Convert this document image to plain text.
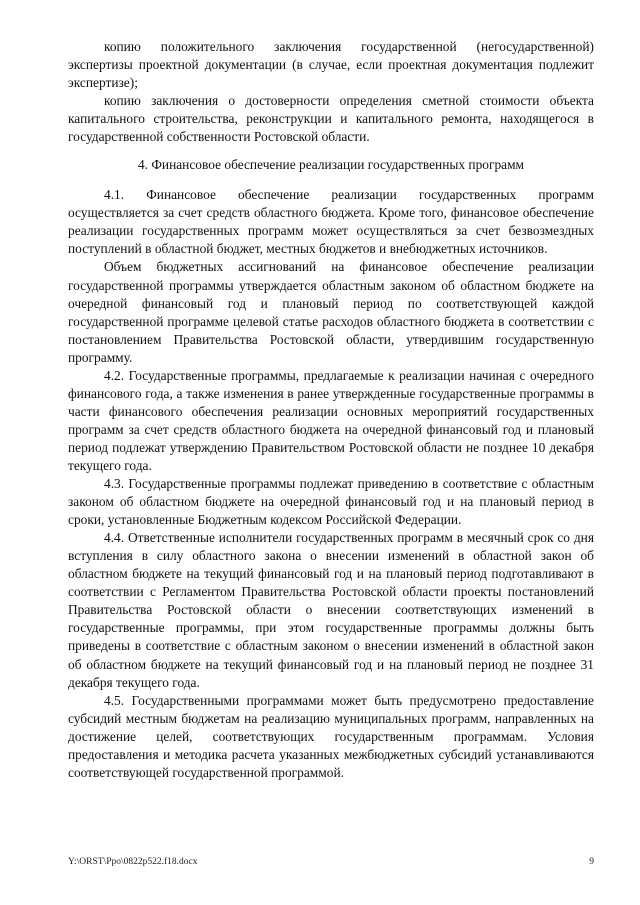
копию положительного заключения государственной (негосударственной) экспертизы проектной документации (в случае, если проектная документация подлежит экспертизе);

копию заключения о достоверности определения сметной стоимости объекта капитального строительства, реконструкции и капитального ремонта, находящегося в государственной собственности Ростовской области.

4. Финансовое обеспечение реализации государственных программ

4.1. Финансовое обеспечение реализации государственных программ осуществляется за счет средств областного бюджета. Кроме того, финансовое обеспечение реализации государственных программ может осуществляться за счет безвозмездных поступлений в областной бюджет, местных бюджетов и внебюджетных источников.

Объем бюджетных ассигнований на финансовое обеспечение реализации государственной программы утверждается областным законом об областном бюджете на очередной финансовый год и плановый период по соответствующей каждой государственной программе целевой статье расходов областного бюджета в соответствии с постановлением Правительства Ростовской области, утвердившим государственную программу.

4.2. Государственные программы, предлагаемые к реализации начиная с очередного финансового года, а также изменения в ранее утвержденные государственные программы в части финансового обеспечения реализации основных мероприятий государственных программ за счет средств областного бюджета на очередной финансовый год и плановый период подлежат утверждению Правительством Ростовской области не позднее 10 декабря текущего года.

4.3. Государственные программы подлежат приведению в соответствие с областным законом об областном бюджете на очередной финансовый год и на плановый период в сроки, установленные Бюджетным кодексом Российской Федерации.

4.4. Ответственные исполнители государственных программ в месячный срок со дня вступления в силу областного закона о внесении изменений в областной закон об областном бюджете на текущий финансовый год и на плановый период подготавливают в соответствии с Регламентом Правительства Ростовской области проекты постановлений Правительства Ростовской области о внесении соответствующих изменений в государственные программы, при этом государственные программы должны быть приведены в соответствие с областным законом о внесении изменений в областной закон об областном бюджете на текущий финансовый год и на плановый период не позднее 31 декабря текущего года.

4.5. Государственными программами может быть предусмотрено предоставление субсидий местным бюджетам на реализацию муниципальных программ, направленных на достижение целей, соответствующих государственным программам. Условия предоставления и методика расчета указанных межбюджетных субсидий устанавливаются соответствующей государственной программой.

Y:\ORST\Ppo\0822p522.f18.docx	9
